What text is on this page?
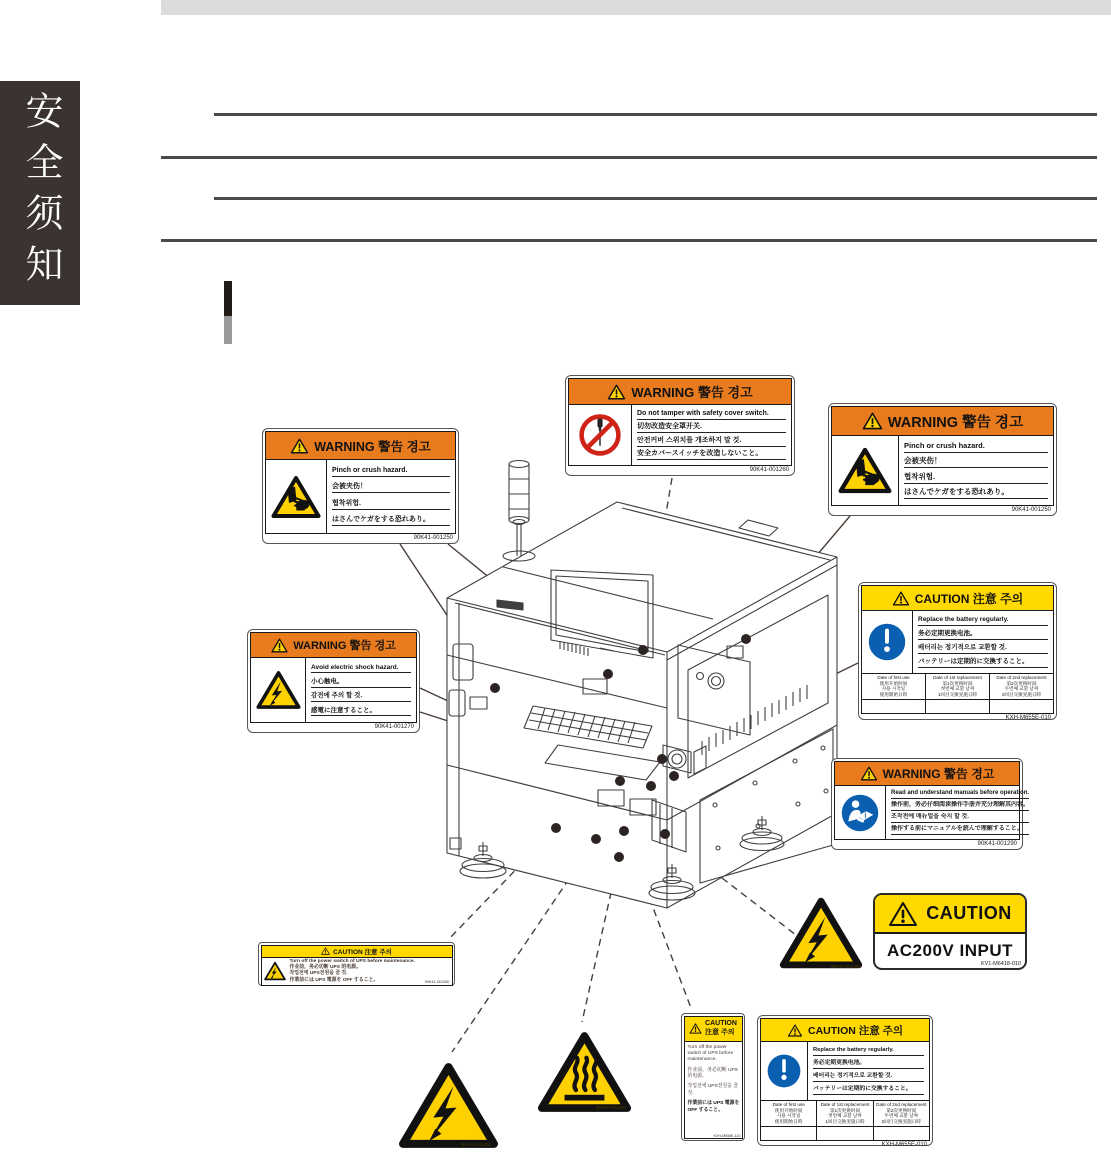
安全须知
WARNING 警告 경고
Do not tamper with safety cover switch.
切勿改造安全罩开关.
안전커버 스위치를 개조하지 말 것.
安全カバースイッチを改造しないこと。
90K41-001260
WARNING 警告 경고
Pinch or crush hazard.
会被夹伤！
협착위험.
はさんでケガをする恐れあり。
90K41-001250
WARNING 警告 경고
Pinch or crush hazard.
会被夹伤！
협착위험.
はさんでケガをする恐れあり。
90K41-001250
WARNING 警告 경고
Avoid electric shock hazard.
小心触电。
감전에 주의 할 것.
感電に注意すること。
90K41-001270
CAUTION 注意 주의
Replace the battery regularly.
务必定期更换电池。
배터리는 정기적으로 교환할 것.
バッテリーは定期的に交換すること。
Date of first use
使用开始时间
사용 시작일
使用開始日時
Date of 1st replacement
第1次更换时间
첫번째 교환 날짜
1回目交換実施日時
Date of 2nd replacement
第2次更换时间
두번째 교환 날짜
2回目交換実施日時
KXH-M655E-010
WARNING 警告 경고
Read and understand manuals before operation.
操作前，务必仔细阅读操作手册并充分理解其内容。
조작전에 매뉴얼을 숙지 할 것.
操作する前にマニュアルを読んで理解すること。
90K41-001290
90K41-001450
CAUTION
AC200V INPUT
KV1-M6418-010
CAUTION 注意 주의
Turn off the power switch of UPS before maintenance.
作业前，务必切断 UPS 的电源。
작업전에 UPS전원을 끌 것.
作業前には UPS 電源を OFF すること。	90K41-001280
90K41-001450
90K41-001660
CAUTION
注意 주의
Turn off the power switch of UPS before maintenance.
作业前，务必切断 UPS 的电源。
작업전에 UPS전원을 끌 것.
作業前には UPS 電源を OFF すること。
KXH-M655E-110
CAUTION 注意 주의
Replace the battery regularly.
务必定期更换电池。
배터리는 정기적으로 교환할 것.
バッテリーは定期的に交換すること。
Date of first use
使用开始时间
사용 시작일
使用開始日時
Date of 1st replacement
第1次更换时间
첫번째 교환 날짜
1回目交換実施日時
Date of 2nd replacement
第2次更换时间
두번째 교환 날짜
2回目交換実施日時
KXH-M655E-010
